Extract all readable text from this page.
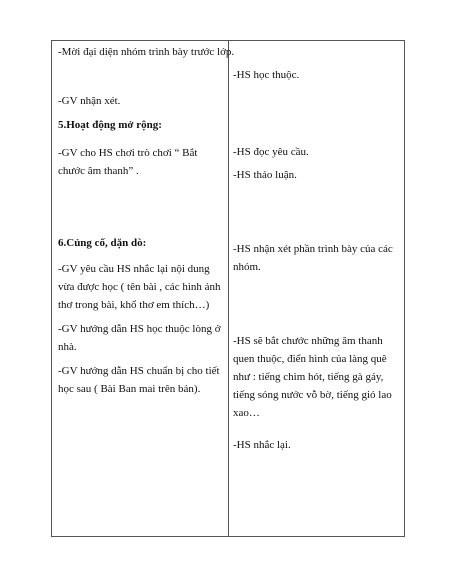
-Mời đại diện nhóm trình bày trước lớp.
-GV nhận xét.
5.Hoạt động mở rộng:
-GV cho HS chơi trò chơi “ Bắt chước âm thanh” .
6.Củng cố, dặn dò:
-GV yêu cầu HS nhắc lại nội dung vừa được học ( tên bài , các hình ảnh thơ trong bài, khổ thơ em thích…)
-GV hướng dẫn HS học thuộc lòng ở nhà.
-GV hướng dẫn HS chuẩn bị cho tiết học sau ( Bài Ban mai trên bản).
-HS học thuộc.
-HS đọc yêu cầu.
-HS thảo luận.
-HS nhận xét phần trình bày của các nhóm.
-HS sẽ bắt chước những âm thanh quen thuộc, điển hình của làng quê như : tiếng chim hót, tiếng gà gáy, tiếng sóng nước vỗ bờ, tiếng gió lao xao…
-HS nhắc lại.
